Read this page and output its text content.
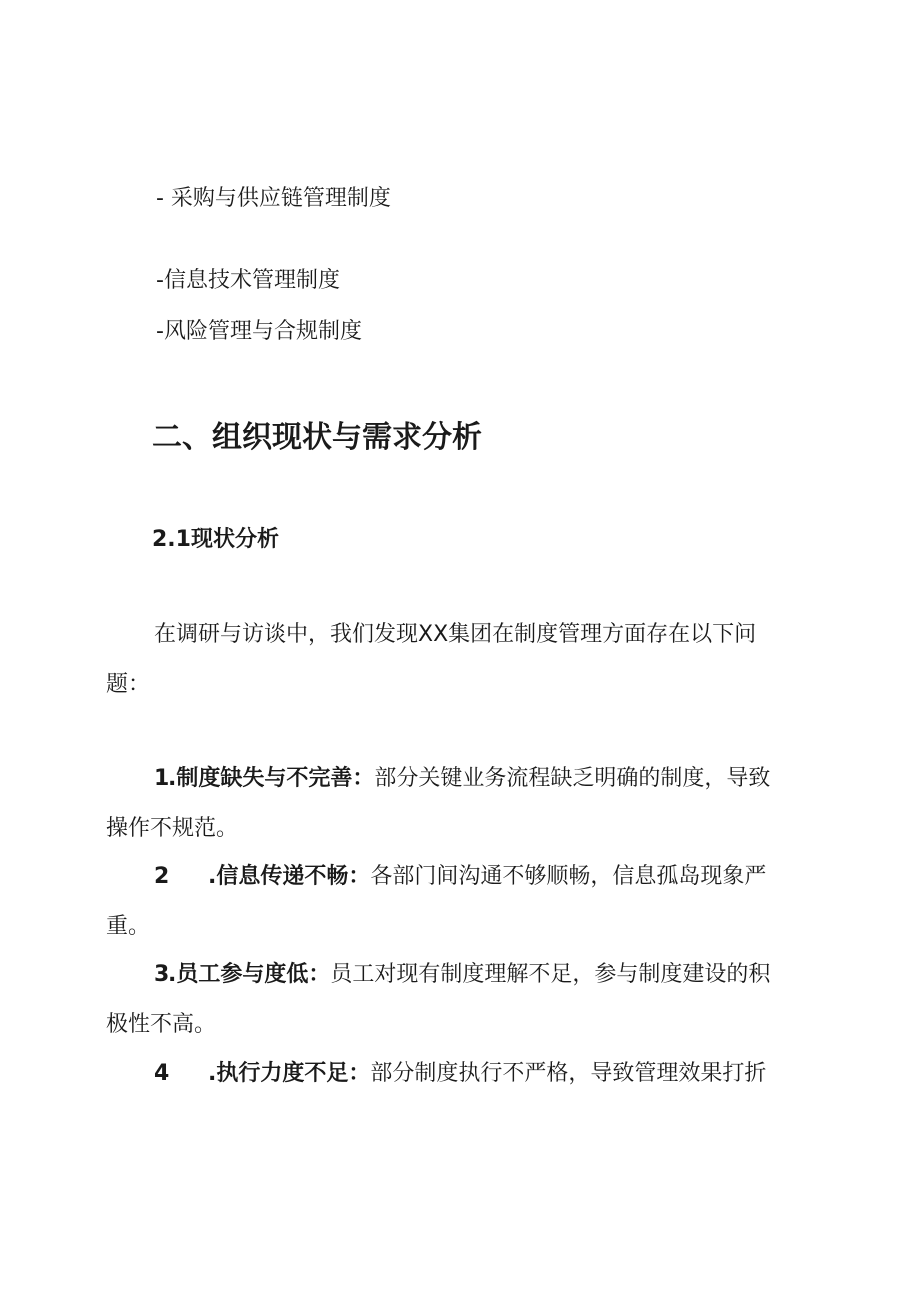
- 采购与供应链管理制度
-信息技术管理制度
-风险管理与合规制度
二、组织现状与需求分析
2.1现状分析
在调研与访谈中，我们发现XX集团在制度管理方面存在以下问
题：
1.制度缺失与不完善：部分关键业务流程缺乏明确的制度，导致
操作不规范。
2 .信息传递不畅：各部门间沟通不够顺畅，信息孤岛现象严
重。
3.员工参与度低：员工对现有制度理解不足，参与制度建设的积
极性不高。
4 .执行力度不足：部分制度执行不严格，导致管理效果打折
